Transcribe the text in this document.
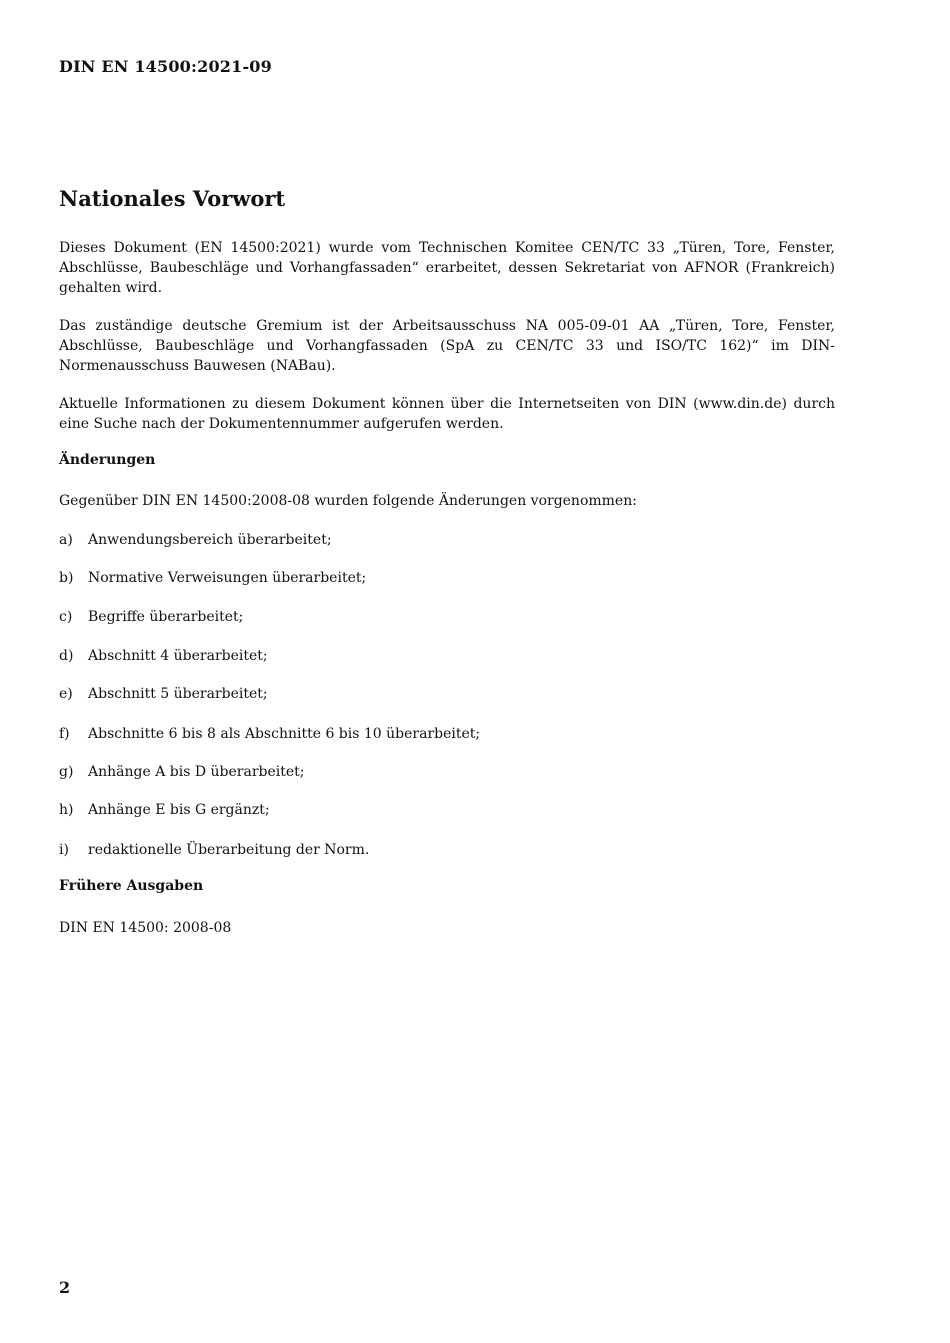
DIN EN 14500:2021-09
Nationales Vorwort

Dieses Dokument (EN 14500:2021) wurde vom Technischen Komitee CEN/TC 33 „Türen, Tore, Fenster, Abschlüsse, Baubeschläge und Vorhangfassaden“ erarbeitet, dessen Sekretariat von AFNOR (Frankreich) gehalten wird.

Das zuständige deutsche Gremium ist der Arbeitsausschuss NA 005-09-01 AA „Türen, Tore, Fenster, Abschlüsse, Baubeschläge und Vorhangfassaden (SpA zu CEN/TC 33 und ISO/TC 162)“ im DIN-Normenausschuss Bauwesen (NABau).

Aktuelle Informationen zu diesem Dokument können über die Internetseiten von DIN (www.din.de) durch eine Suche nach der Dokumentennummer aufgerufen werden.

Änderungen
Gegenüber DIN EN 14500:2008-08 wurden folgende Änderungen vorgenommen:
a) Anwendungsbereich überarbeitet;
b) Normative Verweisungen überarbeitet;
c) Begriffe überarbeitet;
d) Abschnitt 4 überarbeitet;
e) Abschnitt 5 überarbeitet;
f) Abschnitte 6 bis 8 als Abschnitte 6 bis 10 überarbeitet;
g) Anhänge A bis D überarbeitet;
h) Anhänge E bis G ergänzt;
i) redaktionelle Überarbeitung der Norm.
Frühere Ausgaben
DIN EN 14500: 2008-08
2
